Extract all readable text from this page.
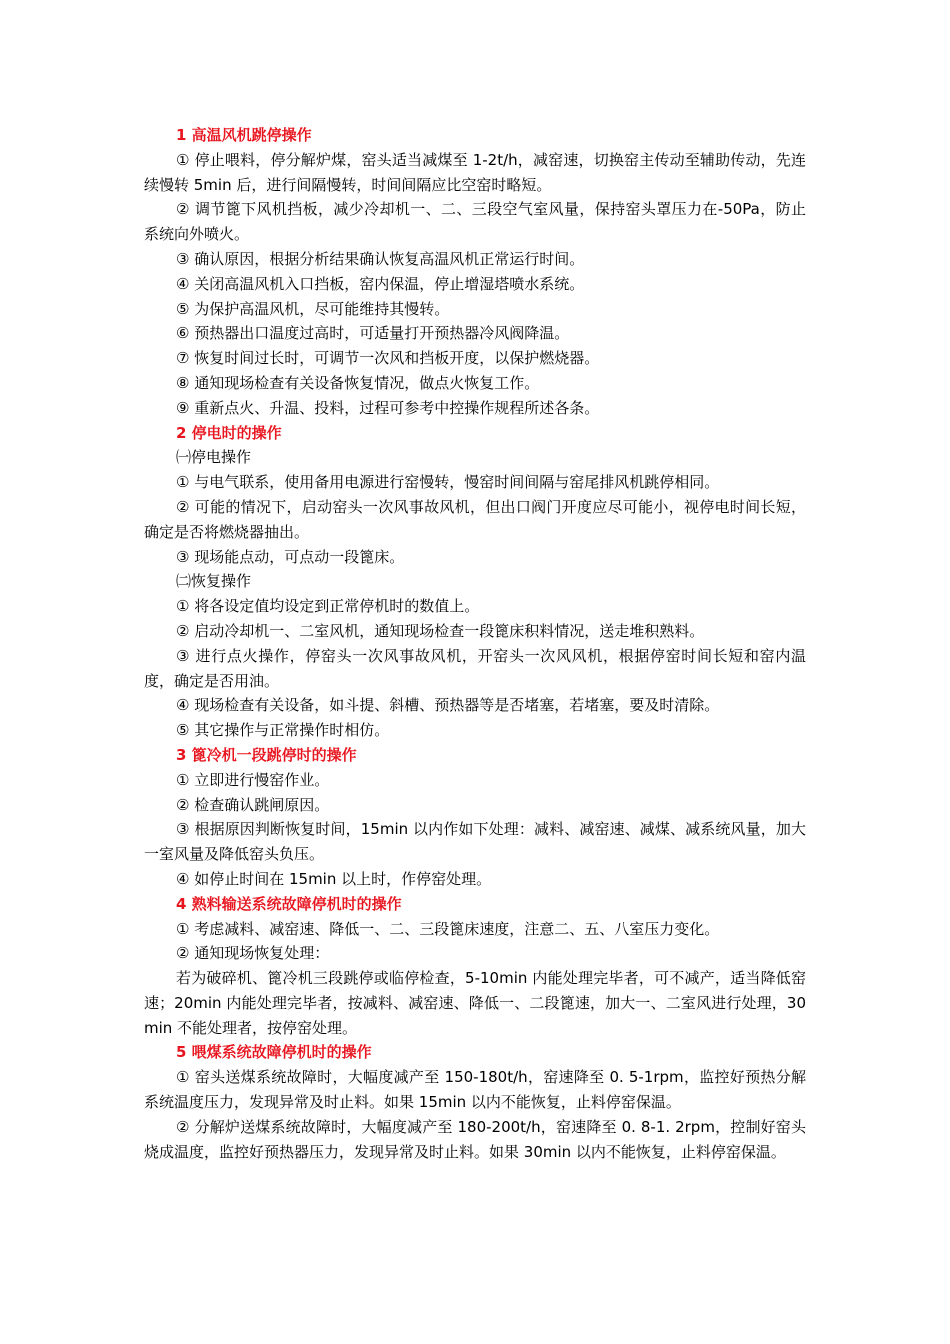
1 高温风机跳停操作

① 停止喂料，停分解炉煤，窑头适当减煤至 1-2t/h，减窑速，切换窑主传动至辅助传动，先连续慢转 5min 后，进行间隔慢转，时间间隔应比空窑时略短。

② 调节篦下风机挡板，减少冷却机一、二、三段空气室风量，保持窑头罩压力在-50Pa，防止系统向外喷火。

③ 确认原因，根据分析结果确认恢复高温风机正常运行时间。

④ 关闭高温风机入口挡板，窑内保温，停止增湿塔喷水系统。

⑤ 为保护高温风机，尽可能维持其慢转。

⑥ 预热器出口温度过高时，可适量打开预热器冷风阀降温。

⑦ 恢复时间过长时，可调节一次风和挡板开度，以保护燃烧器。

⑧ 通知现场检查有关设备恢复情况，做点火恢复工作。

⑨ 重新点火、升温、投料，过程可参考中控操作规程所述各条。

2 停电时的操作

㈠停电操作

① 与电气联系，使用备用电源进行窑慢转，慢窑时间间隔与窑尾排风机跳停相同。

② 可能的情况下，启动窑头一次风事故风机，但出口阀门开度应尽可能小，视停电时间长短，确定是否将燃烧器抽出。

③ 现场能点动，可点动一段篦床。

㈡恢复操作

① 将各设定值均设定到正常停机时的数值上。

② 启动冷却机一、二室风机，通知现场检查一段篦床积料情况，送走堆积熟料。

③ 进行点火操作，停窑头一次风事故风机，开窑头一次风风机，根据停窑时间长短和窑内温度，确定是否用油。

④ 现场检查有关设备，如斗提、斜槽、预热器等是否堵塞，若堵塞，要及时清除。

⑤ 其它操作与正常操作时相仿。

3 篦冷机一段跳停时的操作

① 立即进行慢窑作业。

② 检查确认跳闸原因。

③ 根据原因判断恢复时间，15min 以内作如下处理：减料、减窑速、减煤、减系统风量，加大一室风量及降低窑头负压。

④ 如停止时间在 15min 以上时，作停窑处理。

4 熟料输送系统故障停机时的操作

① 考虑减料、减窑速、降低一、二、三段篦床速度，注意二、五、八室压力变化。

② 通知现场恢复处理：

若为破碎机、篦冷机三段跳停或临停检查，5-10min 内能处理完毕者，可不减产，适当降低窑速；20min 内能处理完毕者，按减料、减窑速、降低一、二段篦速，加大一、二室风进行处理，30min 不能处理者，按停窑处理。

5 喂煤系统故障停机时的操作

① 窑头送煤系统故障时，大幅度减产至 150-180t/h，窑速降至 0. 5-1rpm，监控好预热分解系统温度压力，发现异常及时止料。如果 15min 以内不能恢复，止料停窑保温。

② 分解炉送煤系统故障时，大幅度减产至 180-200t/h，窑速降至 0. 8-1. 2rpm，控制好窑头烧成温度，监控好预热器压力，发现异常及时止料。如果 30min 以内不能恢复，止料停窑保温。
